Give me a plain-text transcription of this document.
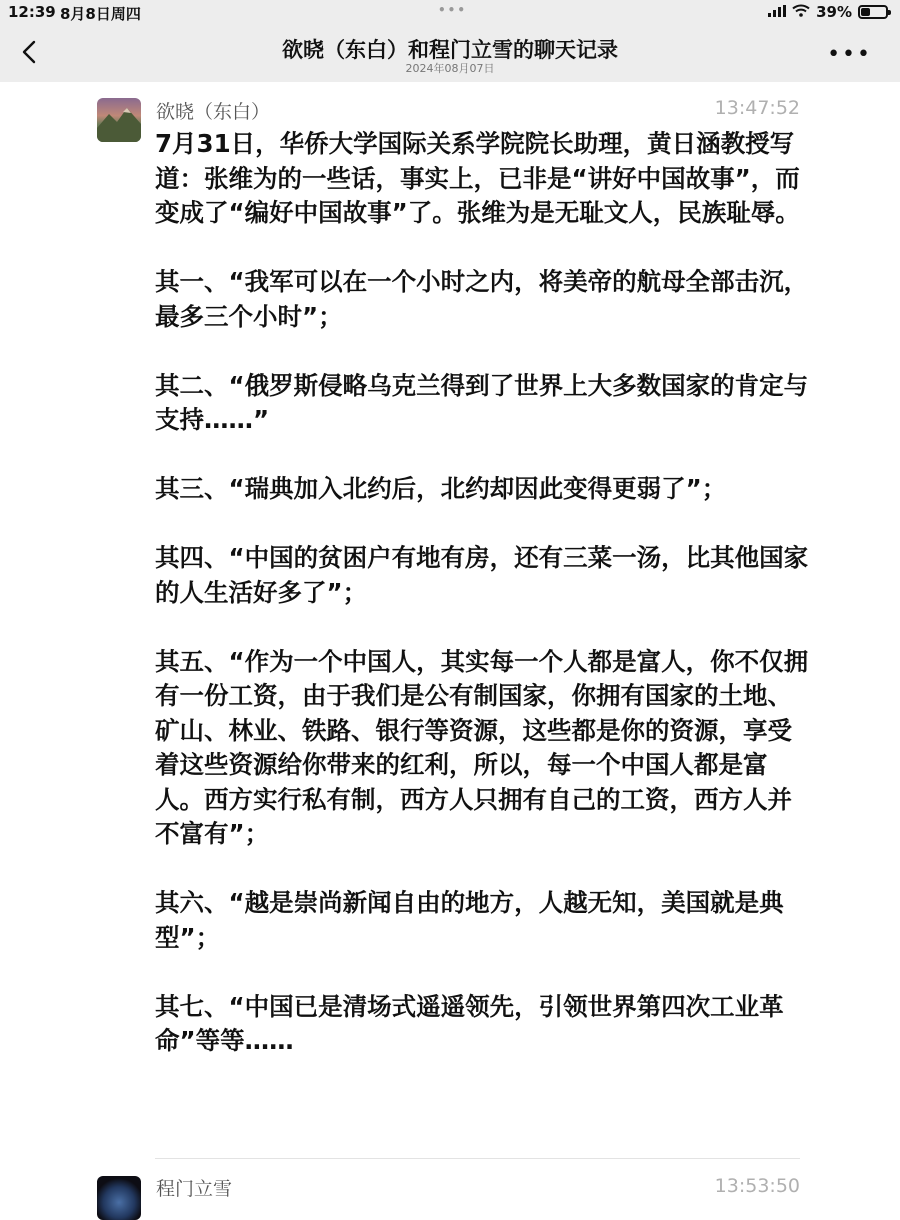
12:39 8月8日周四	•••	39%
欲晓（东白）和程门立雪的聊天记录
2024年08月07日
•••
欲晓（东白）	13:47:52

7月31日，华侨大学国际关系学院院长助理，黄日涵教授写道：张维为的一些话，事实上，已非是“讲好中国故事”，而变成了“编好中国故事”了。张维为是无耻文人，民族耻辱。

其一、“我军可以在一个小时之内，将美帝的航母全部击沉，最多三个小时”；

其二、“俄罗斯侵略乌克兰得到了世界上大多数国家的肯定与支持……”

其三、“瑞典加入北约后，北约却因此变得更弱了”；

其四、“中国的贫困户有地有房，还有三菜一汤，比其他国家的人生活好多了”；

其五、“作为一个中国人，其实每一个人都是富人，你不仅拥有一份工资，由于我们是公有制国家，你拥有国家的土地、矿山、林业、铁路、银行等资源，这些都是你的资源，享受着这些资源给你带来的红利，所以，每一个中国人都是富人。西方实行私有制，西方人只拥有自己的工资，西方人并不富有”；

其六、“越是崇尚新闻自由的地方，人越无知，美国就是典型”；

其七、“中国已是清场式遥遥领先，引领世界第四次工业革命”等等……

程门立雪	13:53:50
